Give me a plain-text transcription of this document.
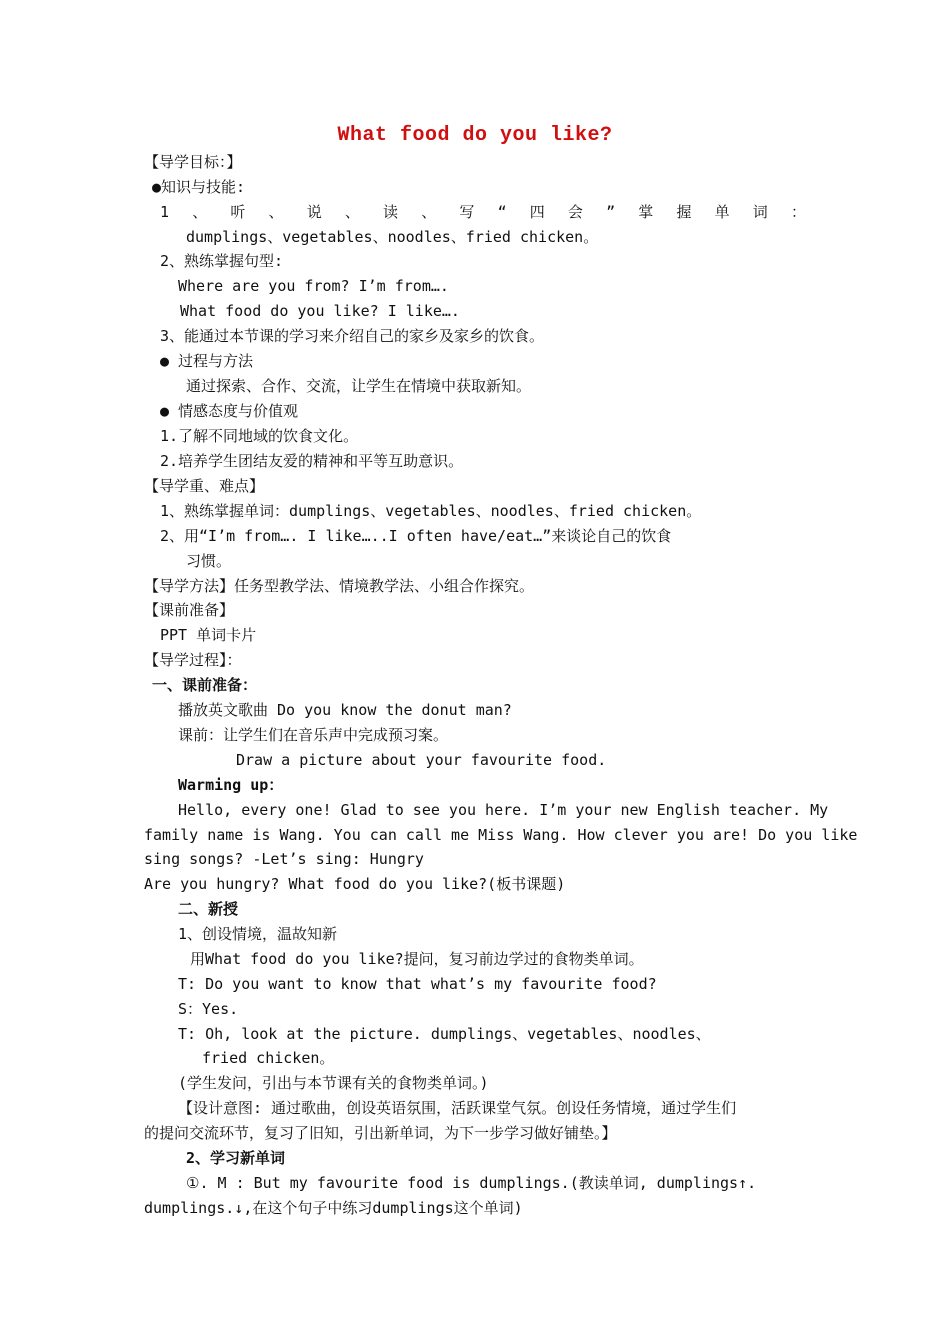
What food do you like?
【导学目标：】
●知识与技能:
1 、 听 、 说 、 读 、 写 “ 四 会 ” 掌 握 单 词 ：
dumplings、vegetables、noodles、fried chicken。
2、熟练掌握句型:
Where are you from? I’m from….
What food do you like? I like….
3、能通过本节课的学习来介绍自己的家乡及家乡的饮食。
● 过程与方法
通过探索、合作、交流，让学生在情境中获取新知。
● 情感态度与价值观
1.了解不同地域的饮食文化。
2.培养学生团结友爱的精神和平等互助意识。
【导学重、难点】
1、熟练掌握单词：dumplings、vegetables、noodles、fried chicken。
2、用“I’m from…. I like…..I often have/eat…”来谈论自己的饮食
习惯。
【导学方法】任务型教学法、情境教学法、小组合作探究。
【课前准备】
PPT 单词卡片
【导学过程】：
一、课前准备：
播放英文歌曲 Do you know the donut man?
课前：让学生们在音乐声中完成预习案。
Draw a picture about your favourite food.
Warming up：
Hello, every one! Glad to see you here. I’m your new English teacher. My
family name is Wang. You can call me Miss Wang. How clever you are! Do you like
sing songs? -Let’s sing: Hungry
Are you hungry? What food do you like?(板书课题)
二、新授
1、创设情境，温故知新
用What food do you like?提问，复习前边学过的食物类单词。
T: Do you want to know that what’s my favourite food?
S：Yes.
T: Oh, look at the picture. dumplings、vegetables、noodles、
fried chicken。
(学生发问，引出与本节课有关的食物类单词。)
【设计意图: 通过歌曲，创设英语氛围，活跃课堂气氛。创设任务情境，通过学生们
的提问交流环节，复习了旧知，引出新单词，为下一步学习做好铺垫。】
2、学习新单词
①. M : But my favourite food is dumplings.(教读单词, dumplings↑.
dumplings.↓,在这个句子中练习dumplings这个单词)
